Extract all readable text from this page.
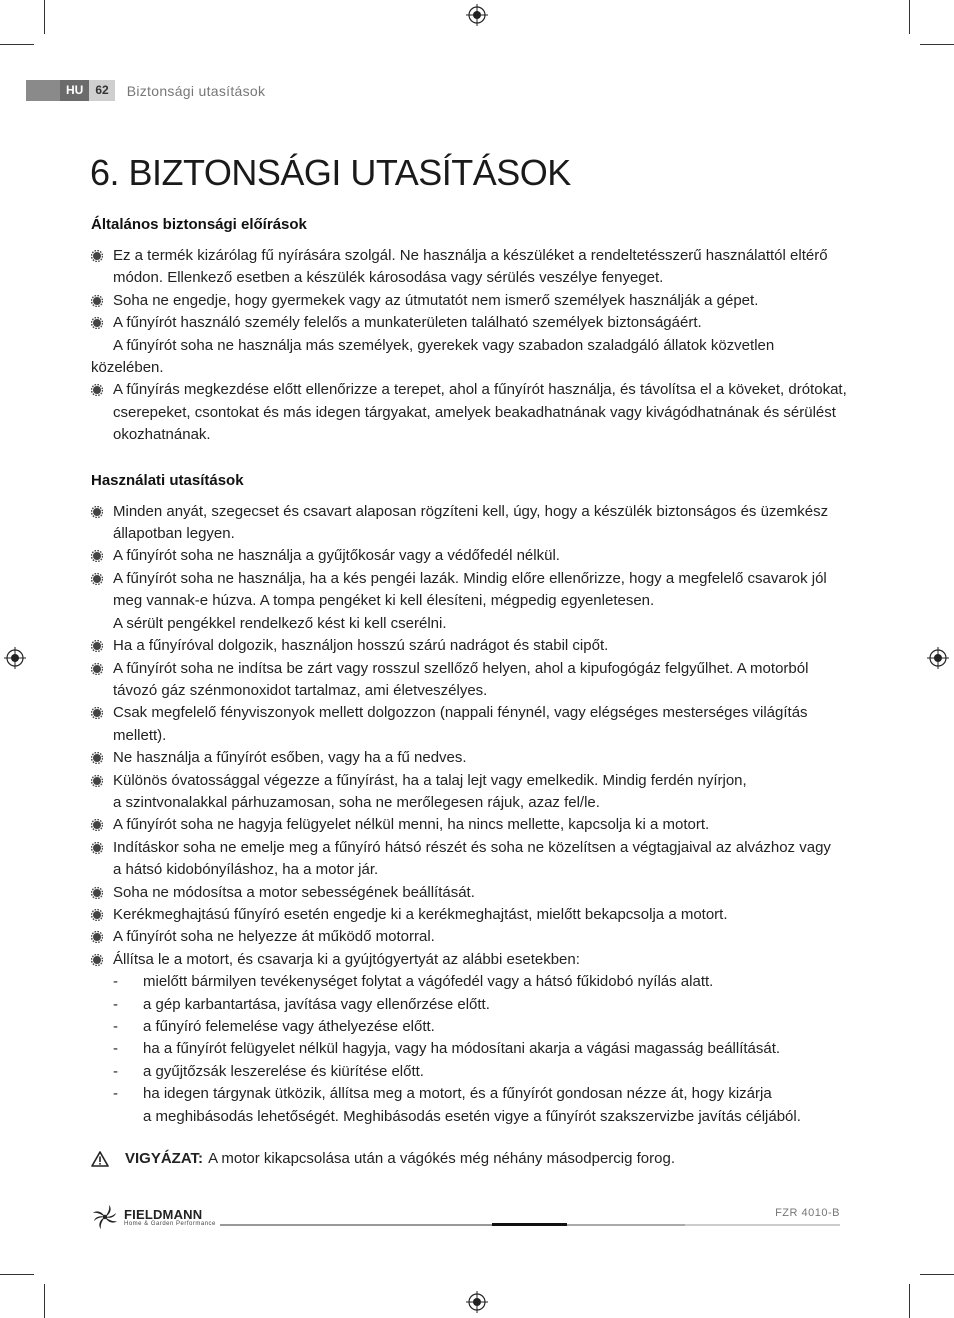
HU	62	Biztonsági utasítások
6. BIZTONSÁGI UTASÍTÁSOK
Általános biztonsági előírások
Ez a termék kizárólag fű nyírására szolgál. Ne használja a készüléket a rendeltetésszerű használattól eltérő
módon. Ellenkező esetben a készülék károsodása vagy sérülés veszélye fenyeget.
Soha ne engedje, hogy gyermekek vagy az útmutatót nem ismerő személyek használják a gépet.
A fűnyírót használó személy felelős a munkaterületen található személyek biztonságáért.
A fűnyírót soha ne használja más személyek, gyerekek vagy szabadon szaladgáló állatok közvetlen
közelében.
A fűnyírás megkezdése előtt ellenőrizze a terepet, ahol a fűnyírót használja, és távolítsa el a köveket, drótokat,
cserepeket, csontokat és más idegen tárgyakat, amelyek beakadhatnának vagy kivágódhatnának és sérülést
okozhatnának.
Használati utasítások
Minden anyát, szegecset és csavart alaposan rögzíteni kell, úgy, hogy a készülék biztonságos és üzemkész
állapotban legyen.
A fűnyírót soha ne használja a gyűjtőkosár vagy a védőfedél nélkül.
A fűnyírót soha ne használja, ha a kés pengéi lazák. Mindig előre ellenőrizze, hogy a megfelelő csavarok jól
meg vannak-e húzva. A tompa pengéket ki kell élesíteni, mégpedig egyenletesen.
A sérült pengékkel rendelkező kést ki kell cserélni.
Ha a fűnyíróval dolgozik, használjon hosszú szárú nadrágot és stabil cipőt.
A fűnyírót soha ne indítsa be zárt vagy rosszul szellőző helyen, ahol a kipufogógáz felgyűlhet. A motorból
távozó gáz szénmonoxidot tartalmaz, ami életveszélyes.
Csak megfelelő fényviszonyok mellett dolgozzon (nappali fénynél, vagy elégséges mesterséges világítás
mellett).
Ne használja a fűnyírót esőben, vagy ha a fű nedves.
Különös óvatossággal végezze a fűnyírást, ha a talaj lejt vagy emelkedik. Mindig ferdén nyírjon,
a szintvonalakkal párhuzamosan, soha ne merőlegesen rájuk, azaz fel/le.
A fűnyírót soha ne hagyja felügyelet nélkül menni, ha nincs mellette, kapcsolja ki a motort.
Indításkor soha ne emelje meg a fűnyíró hátsó részét és soha ne közelítsen a végtagjaival az alvázhoz vagy
a hátsó kidobónyíláshoz, ha a motor jár.
Soha ne módosítsa a motor sebességének beállítását.
Kerékmeghajtású fűnyíró esetén engedje ki a kerékmeghajtást, mielőtt bekapcsolja a motort.
A fűnyírót soha ne helyezze át működő motorral.
Állítsa le a motort, és csavarja ki a gyújtógyertyát az alábbi esetekben:
- mielőtt bármilyen tevékenységet folytat a vágófedél vagy a hátsó fűkidobó nyílás alatt.
- a gép karbantartása, javítása vagy ellenőrzése előtt.
- a fűnyíró felemelése vagy áthelyezése előtt.
- ha a fűnyírót felügyelet nélkül hagyja, vagy ha módosítani akarja a vágási magasság beállítását.
- a gyűjtőzsák leszerelése és kiürítése előtt.
- ha idegen tárgynak ütközik, állítsa meg a motort, és a fűnyírót gondosan nézze át, hogy kizárja
a meghibásodás lehetőségét. Meghibásodás esetén vigye a fűnyírót szakszervizbe javítás céljából.
VIGYÁZAT: A motor kikapcsolása után a vágókés még néhány másodpercig forog.
FIELDMANN
Home & Garden Performance
FZR 4010-B
